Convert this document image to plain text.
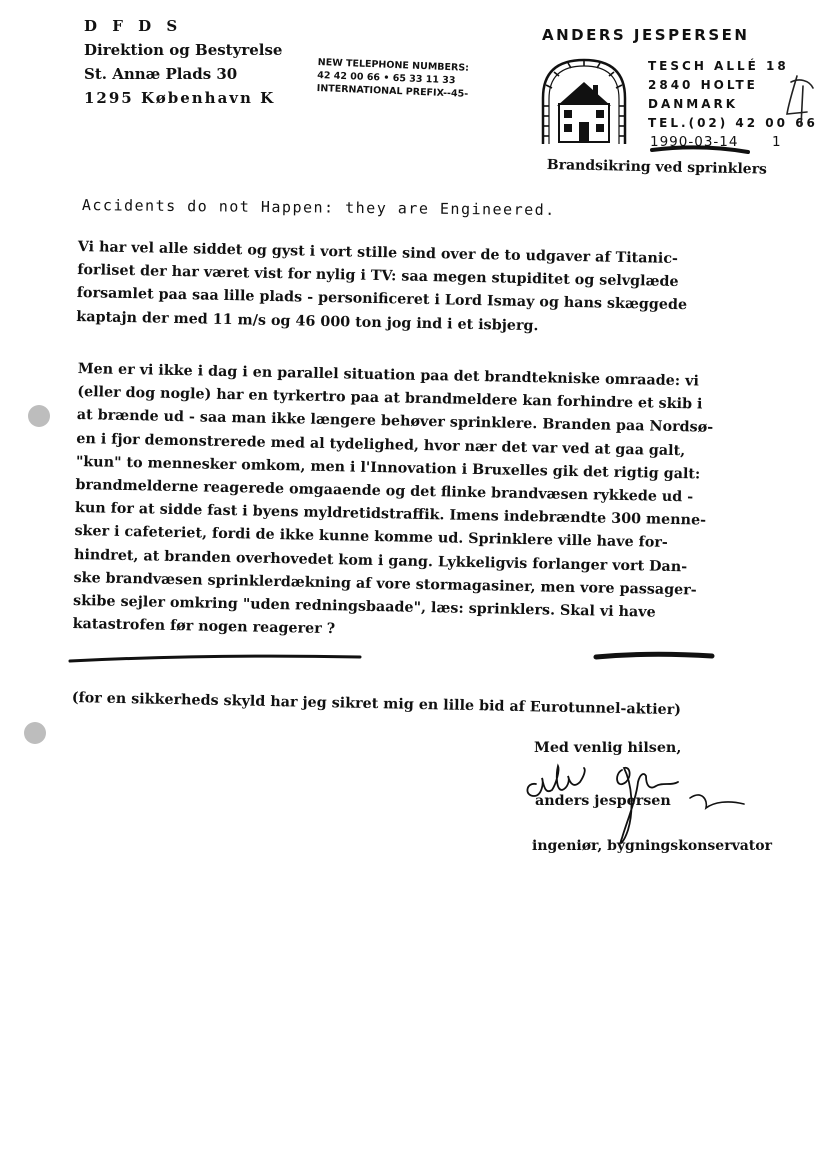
D F D S
Direktion og Bestyrelse
St. Annæ Plads 30
1295 København K
NEW TELEPHONE NUMBERS:
42 42 00 66 • 65 33 11 33
INTERNATIONAL PREFIX--45-
ANDERS JESPERSEN
TESCH ALLÉ 18
2840 HOLTE
DANMARK
TEL.(02) 42 00 66
1990-03-14 1
Brandsikring ved sprinklers
Accidents do not Happen: they are Engineered.
Vi har vel alle siddet og gyst i vort stille sind over de to udgaver af Titanic-
forliset der har været vist for nylig i TV: saa megen stupiditet og selvglæde
forsamlet paa saa lille plads - personificeret i Lord Ismay og hans skæggede
kaptajn der med 11 m/s og 46 000 ton jog ind i et isbjerg.
Men er vi ikke i dag i en parallel situation paa det brandtekniske omraade: vi
(eller dog nogle) har en tyrkertro paa at brandmeldere kan forhindre et skib i
at brænde ud - saa man ikke længere behøver sprinklere. Branden paa Nordsø-
en i fjor demonstrerede med al tydelighed, hvor nær det var ved at gaa galt,
"kun" to mennesker omkom, men i l'Innovation i Bruxelles gik det rigtig galt:
brandmelderne reagerede omgaaende og det flinke brandvæsen rykkede ud -
kun for at sidde fast i byens myldretidstraffik. Imens indebrændte 300 menne-
sker i cafeteriet, fordi de ikke kunne komme ud. Sprinklere ville have for-
hindret, at branden overhovedet kom i gang. Lykkeligvis forlanger vort Dan-
ske brandvæsen sprinklerdækning af vore stormagasiner, men vore passager-
skibe sejler omkring "uden redningsbaade", læs: sprinklers. Skal vi have
katastrofen før nogen reagerer ?
(for en sikkerheds skyld har jeg sikret mig en lille bid af Eurotunnel-aktier)
Med venlig hilsen,
anders jespersen
ingeniør, bygningskonservator
